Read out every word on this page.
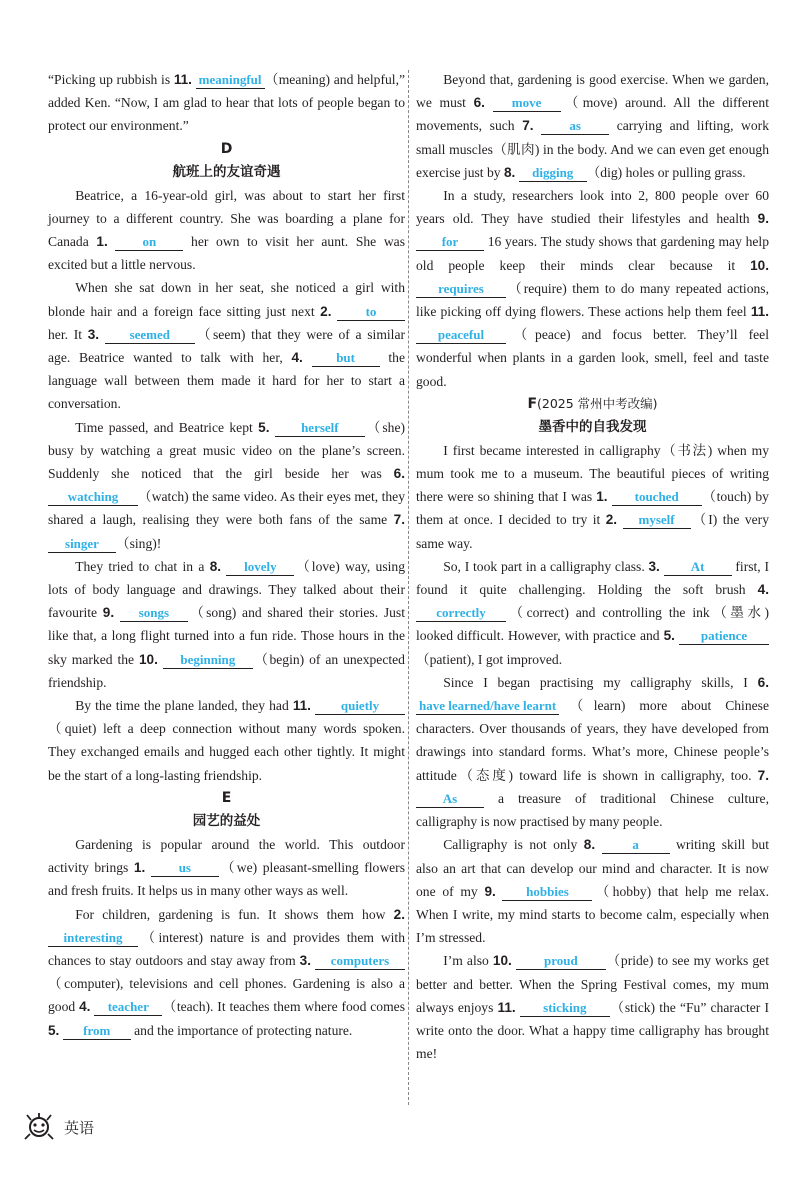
“Picking up rubbish is 11. meaningful （meaning) and helpful,” added Ken. “Now, I am glad to hear that lots of people began to protect our environment.”

D
航班上的友谊奇遇

Beatrice, a 16-year-old girl, was about to start her first journey to a different country. She was boarding a plane for Canada 1.	on her own to visit her aunt. She was excited but a little nervous.

When she sat down in her seat, she noticed a girl with blonde hair and a foreign face sitting just next 2.	to her. It 3. seemed （seem) that they were of a similar age. Beatrice wanted to talk with her, 4.	but the language wall between them made it hard for her to start a conversation.

Time passed, and Beatrice kept 5. herself （she) busy by watching a great music video on the plane’s screen. Suddenly she noticed that the girl beside her was 6. watching （watch) the same video. As their eyes met, they shared a laugh, realising they were both fans of the same 7. singer （sing)!

They tried to chat in a 8. lovely （love) way, using lots of body language and drawings. They talked about their favourite 9. songs （song) and shared their stories. Just like that, a long flight turned into a fun ride. Those hours in the sky marked the 10. beginning （begin) of an unexpected friendship.

By the time the plane landed, they had 11. quietly（quiet) left a deep connection without many words spoken. They exchanged emails and hugged each other tightly. It might be the start of a long-lasting friendship.

E
园艺的益处

Gardening is popular around the world. This outdoor activity brings 1.	us （we) pleasant-smelling flowers and fresh fruits. It helps us in many other ways as well.

For children, gardening is fun. It shows them how 2. interesting （interest) nature is and provides them with chances to stay outdoors and stay away from 3. computers（computer), televisions and cell phones. Gardening is also a good 4. teacher （teach). It teaches them where food comes 5. from and the importance of protecting nature.

Beyond that, gardening is good exercise. When we garden, we must 6. move （move) around. All the different movements, such 7.	as carrying and lifting, work small muscles（肌肉) in the body. And we can even get enough exercise just by 8. digging （dig) holes or pulling grass.

In a study, researchers look into 2, 800 people over 60 years old. They have studied their lifestyles and health 9. for 16 years. The study shows that gardening may help old people keep their minds clear because it 10. requires （require) them to do many repeated actions, like picking off dying flowers. These actions help them feel 11. peaceful （peace) and focus better. They’ll feel wonderful when plants in a garden look, smell, feel and taste good.

F(2025 常州中考改编)
墨香中的自我发现

I first became interested in calligraphy（书法) when my mum took me to a museum. The beautiful pieces of writing there were so shining that I was 1. touched （touch) by them at once. I decided to try it 2. myself （I) the very same way.

So, I took part in a calligraphy class. 3. At first, I found it quite challenging. Holding the soft brush 4. correctly （correct) and controlling the ink（墨水) looked difficult. However, with practice and 5. patience（patient), I got improved.

Since I began practising my calligraphy skills, I 6. have learned/have learnt （learn) more about Chinese characters. Over thousands of years, they have developed from drawings into standard forms. What’s more, Chinese people’s attitude（态度) toward life is shown in calligraphy, too. 7. As a treasure of traditional Chinese culture, calligraphy is now practised by many people.

Calligraphy is not only 8.	a writing skill but also an art that can develop our mind and character. It is now one of my 9. hobbies （hobby) that help me relax. When I write, my mind starts to become calm, especially when I’m stressed.

I’m also 10. proud （pride) to see my works get better and better. When the Spring Festival comes, my mum always enjoys 11. sticking （stick) the “Fu” character I write onto the door. What a happy time calligraphy has brought me!

英语
